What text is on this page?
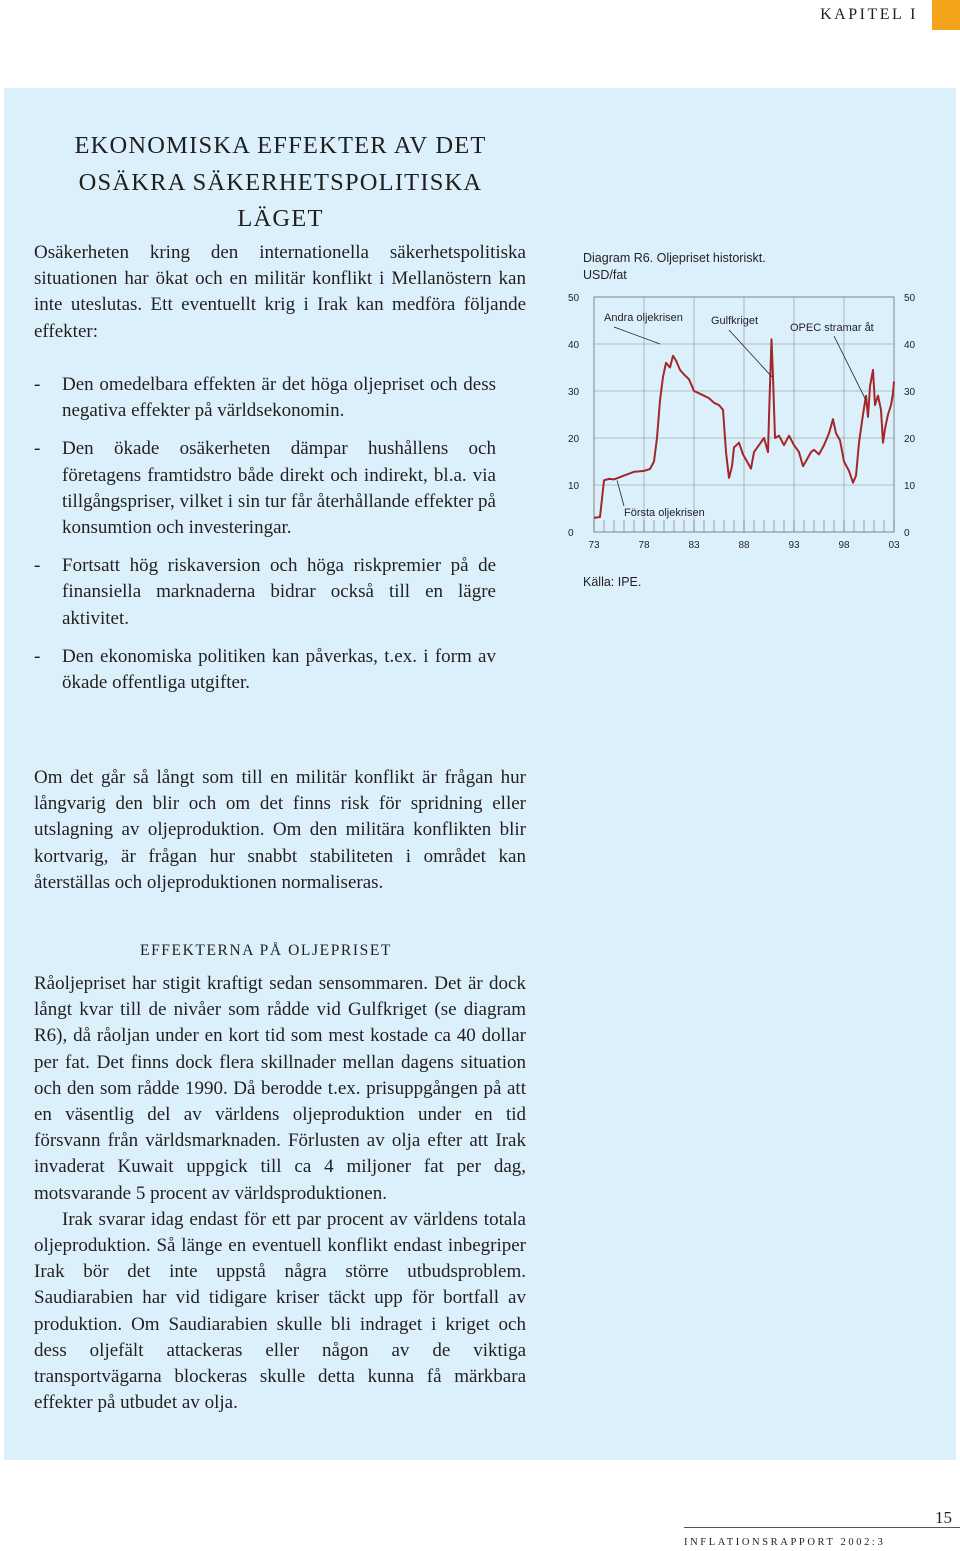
KAPITEL I
EKONOMISKA EFFEKTER AV DET
OSÄKRA SÄKERHETSPOLITISKA
LÄGET

Osäkerheten kring den internationella säkerhetspolitiska situationen har ökat och en militär konflikt i Mellanöstern kan inte uteslutas. Ett eventuellt krig i Irak kan medföra följande effekter:

- Den omedelbara effekten är det höga oljepriset och dess negativa effekter på världsekonomin.
- Den ökade osäkerheten dämpar hushållens och företagens framtidstro både direkt och indirekt, bl.a. via tillgångspriser, vilket i sin tur får återhållande effekter på konsumtion och investeringar.
- Fortsatt hög riskaversion och höga riskpremier på de finansiella marknaderna bidrar också till en lägre aktivitet.
- Den ekonomiska politiken kan påverkas, t.ex. i form av ökade offentliga utgifter.

Om det går så långt som till en militär konflikt är frågan hur långvarig den blir och om det finns risk för spridning eller utslagning av oljeproduktion. Om den militära konflikten blir kortvarig, är frågan hur snabbt stabiliteten i området kan återställas och oljeproduktionen normaliseras.

EFFEKTERNA PÅ OLJEPRISET

Råoljepriset har stigit kraftigt sedan sensommaren. Det är dock långt kvar till de nivåer som rådde vid Gulfkriget (se diagram R6), då råoljan under en kort tid som mest kostade ca 40 dollar per fat. Det finns dock flera skillnader mellan dagens situation och den som rådde 1990. Då berodde t.ex. prisuppgången på att en väsentlig del av världens oljeproduktion under en tid försvann från världsmarknaden. Förlusten av olja efter att Irak invaderat Kuwait uppgick till ca 4 miljoner fat per dag, motsvarande 5 procent av världsproduktionen.

Irak svarar idag endast för ett par procent av världens totala oljeproduktion. Så länge en eventuell konflikt endast inbegriper Irak bör det inte uppstå några större utbudsproblem. Saudiarabien har vid tidigare kriser täckt upp för bortfall av produktion. Om Saudiarabien skulle bli indraget i kriget och dess oljefält attackeras eller någon av de viktiga transportvägarna blockeras skulle detta kunna få märkbara effekter på utbudet av olja.

Diagram R6. Oljepriset historiskt.
USD/fat
0	0
10	10
20	20
30	30
40	40
50	50
73	78	83	88	93	98	03
Andra oljekrisen	Gulfkriget
OPEC stramar åt
Första oljekrisen
Källa: IPE.
15
INFLATIONSRAPPORT 2002:3
